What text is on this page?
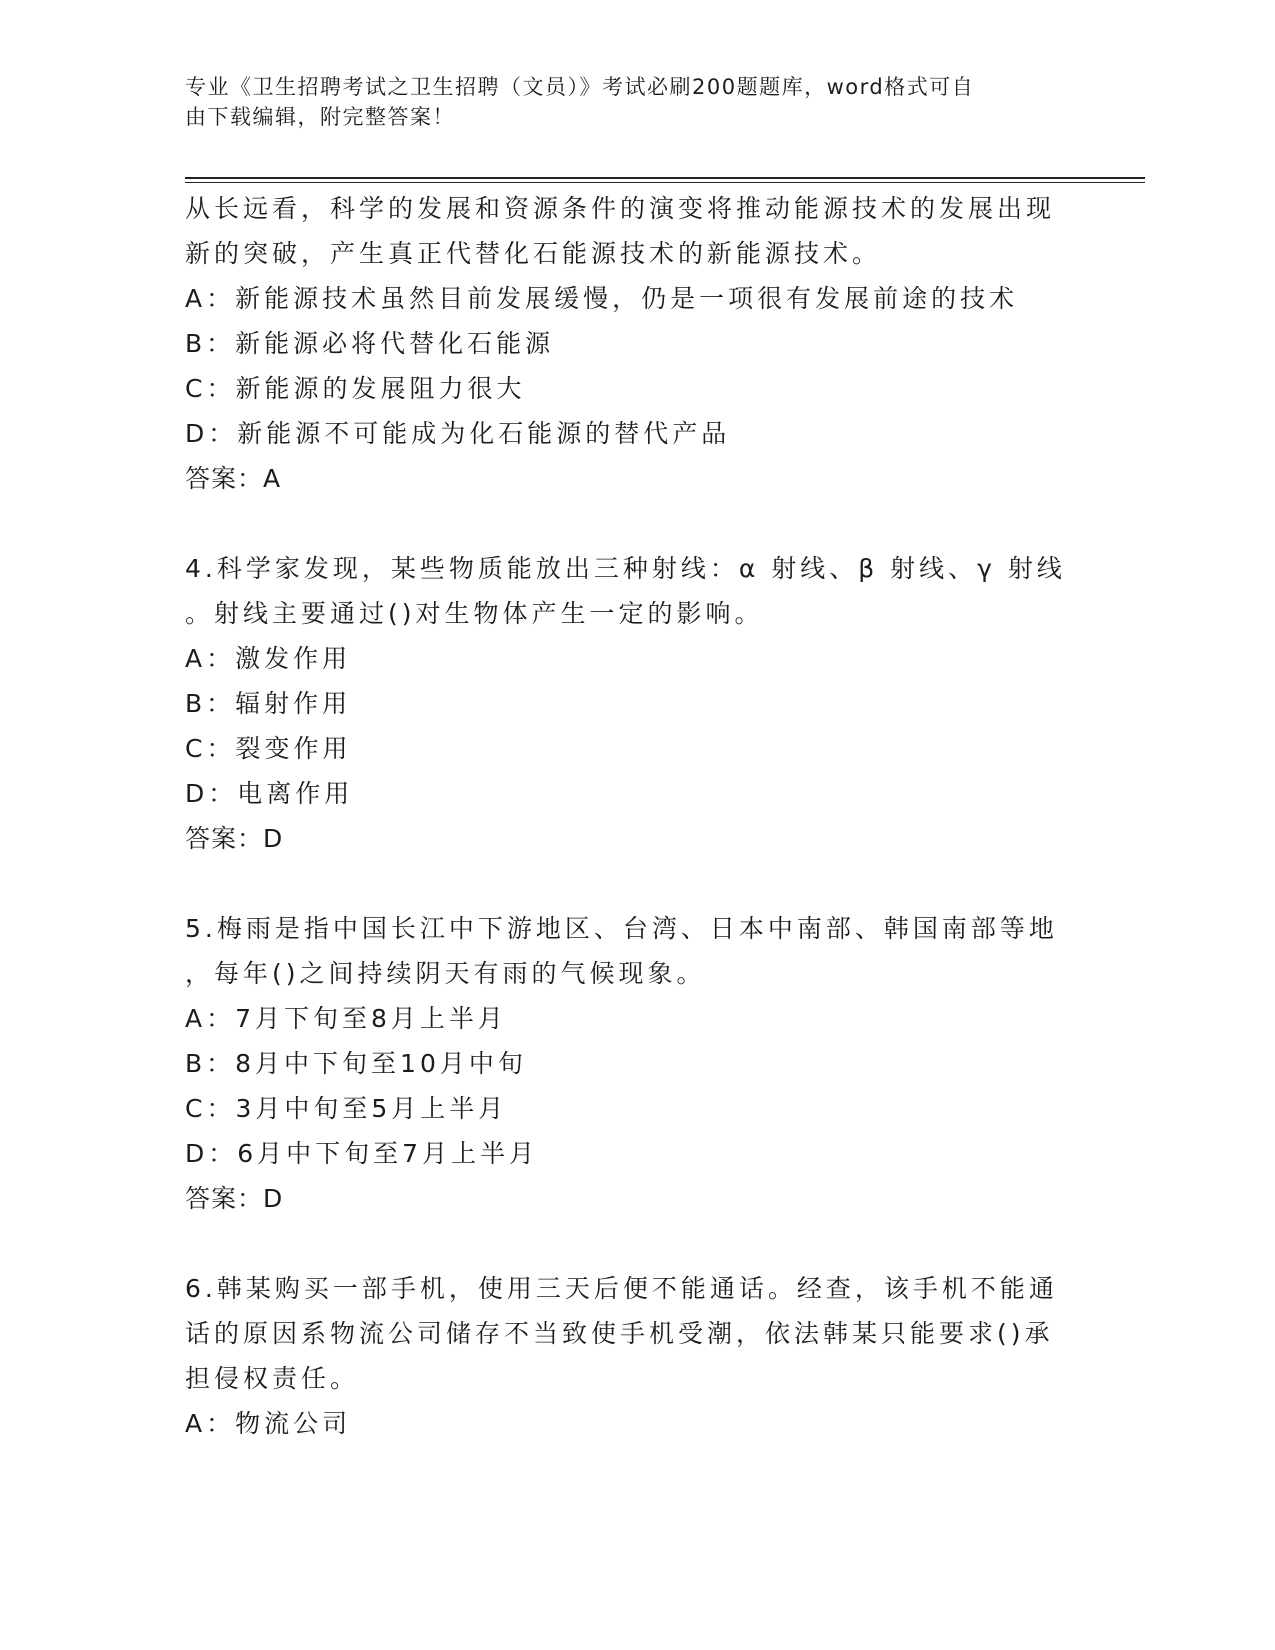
专业《卫生招聘考试之卫生招聘（文员）》考试必刷200题题库，word格式可自
由下载编辑，附完整答案！
从长远看，科学的发展和资源条件的演变将推动能源技术的发展出现
新的突破，产生真正代替化石能源技术的新能源技术。
A：新能源技术虽然目前发展缓慢，仍是一项很有发展前途的技术
B：新能源必将代替化石能源
C：新能源的发展阻力很大
D：新能源不可能成为化石能源的替代产品
答案：A
4.科学家发现，某些物质能放出三种射线：α 射线、β 射线、γ 射线
。射线主要通过()对生物体产生一定的影响。
A：激发作用
B：辐射作用
C：裂变作用
D：电离作用
答案：D
5.梅雨是指中国长江中下游地区、台湾、日本中南部、韩国南部等地
，每年()之间持续阴天有雨的气候现象。
A：7月下旬至8月上半月
B：8月中下旬至10月中旬
C：3月中旬至5月上半月
D：6月中下旬至7月上半月
答案：D
6.韩某购买一部手机，使用三天后便不能通话。经查，该手机不能通
话的原因系物流公司储存不当致使手机受潮，依法韩某只能要求()承
担侵权责任。
A：物流公司
